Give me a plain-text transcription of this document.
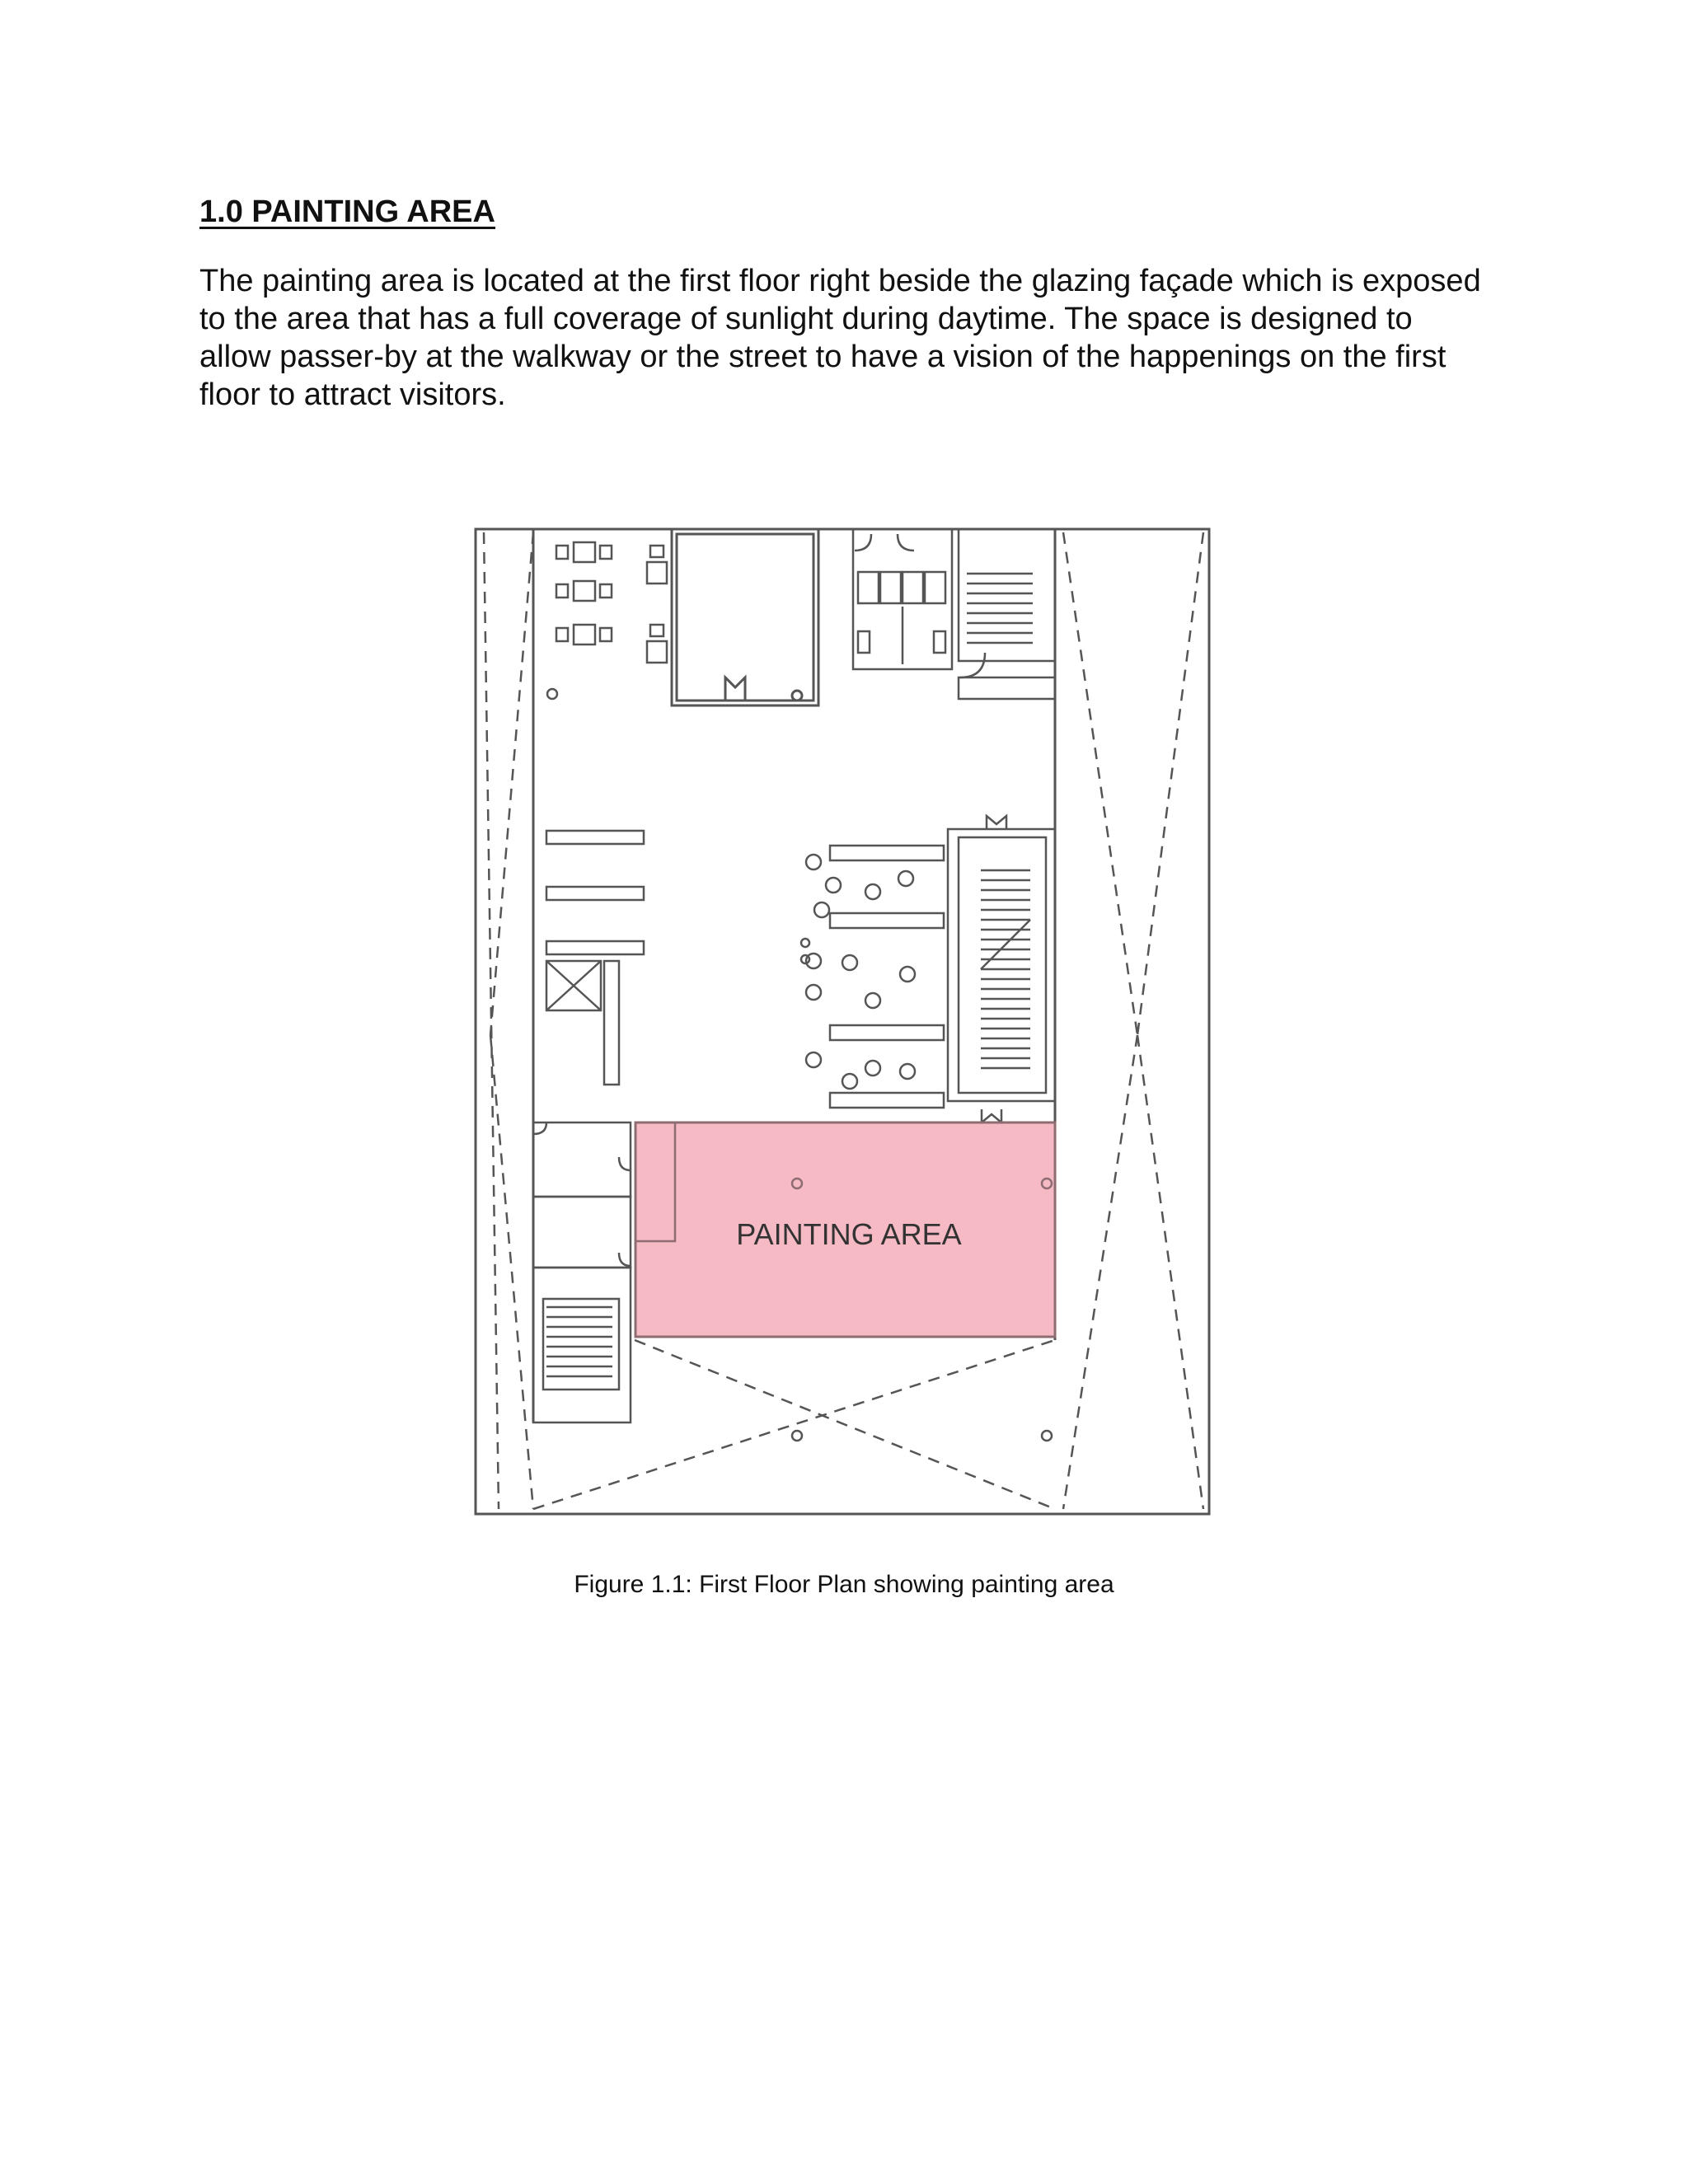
1.0 PAINTING AREA

The painting area is located at the first floor right beside the glazing façade which is exposed to the area that has a full coverage of sunlight during daytime. The space is designed to allow passer-by at the walkway or the street to have a vision of the happenings on the first floor to attract visitors.

PAINTING AREA

Figure 1.1: First Floor Plan showing painting area
